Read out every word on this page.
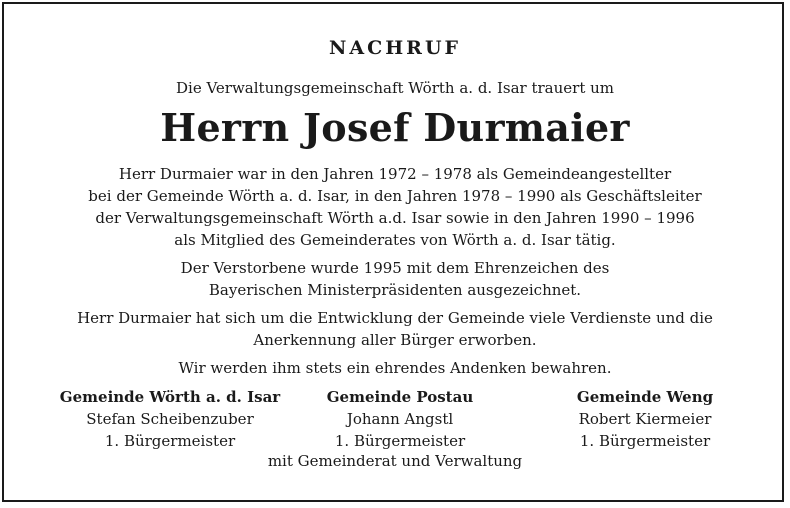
NACHRUF
Die Verwaltungsgemeinschaft Wörth a. d. Isar trauert um
Herrn Josef Durmaier

Herr Durmaier war in den Jahren 1972 – 1978 als Gemeindeangestellter
bei der Gemeinde Wörth a. d. Isar, in den Jahren 1978 – 1990 als Geschäftsleiter
der Verwaltungsgemeinschaft Wörth a.d. Isar sowie in den Jahren 1990 – 1996
als Mitglied des Gemeinderates von Wörth a. d. Isar tätig.

Der Verstorbene wurde 1995 mit dem Ehrenzeichen des
Bayerischen Ministerpräsidenten ausgezeichnet.

Herr Durmaier hat sich um die Entwicklung der Gemeinde viele Verdienste und die
Anerkennung aller Bürger erworben.

Wir werden ihm stets ein ehrendes Andenken bewahren.

Gemeinde Wörth a. d. Isar
Stefan Scheibenzuber
1. Bürgermeister
Gemeinde Postau
Johann Angstl
1. Bürgermeister
Gemeinde Weng
Robert Kiermeier
1. Bürgermeister
mit Gemeinderat und Verwaltung
